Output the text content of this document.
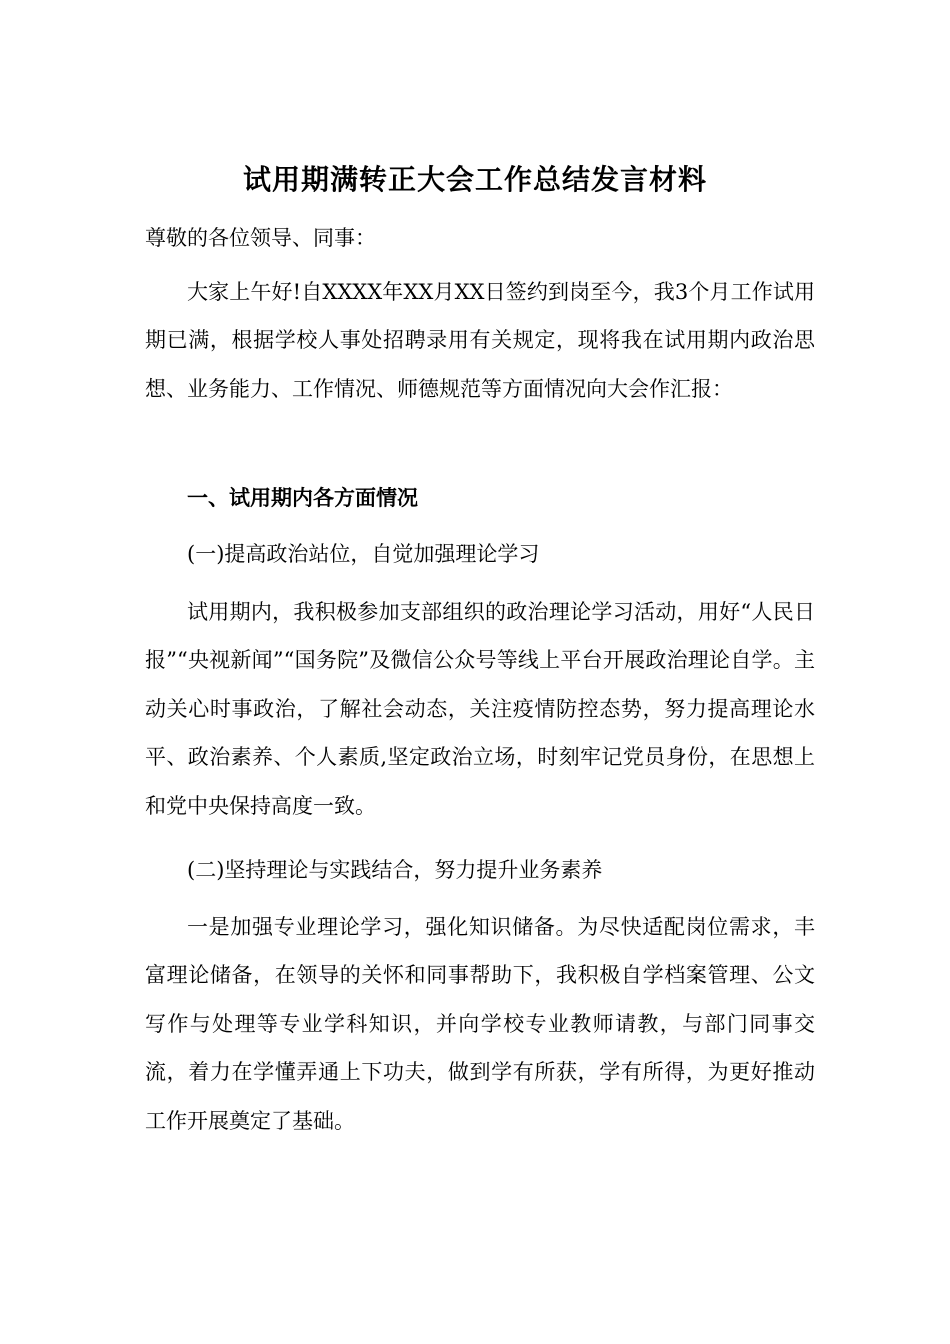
试用期满转正大会工作总结发言材料
尊敬的各位领导、同事：
大家上午好!自XXXX年XX月XX日签约到岗至今，我3个月工作试用期已满，根据学校人事处招聘录用有关规定，现将我在试用期内政治思想、业务能力、工作情况、师德规范等方面情况向大会作汇报：
一、试用期内各方面情况
(一)提高政治站位，自觉加强理论学习
试用期内，我积极参加支部组织的政治理论学习活动，用好“人民日报”“央视新闻”“国务院”及微信公众号等线上平台开展政治理论自学。主动关心时事政治，了解社会动态，关注疫情防控态势，努力提高理论水平、政治素养、个人素质,坚定政治立场，时刻牢记党员身份，在思想上和党中央保持高度一致。
(二)坚持理论与实践结合，努力提升业务素养
一是加强专业理论学习，强化知识储备。为尽快适配岗位需求，丰富理论储备，在领导的关怀和同事帮助下，我积极自学档案管理、公文写作与处理等专业学科知识，并向学校专业教师请教，与部门同事交流，着力在学懂弄通上下功夫，做到学有所获，学有所得，为更好推动工作开展奠定了基础。
